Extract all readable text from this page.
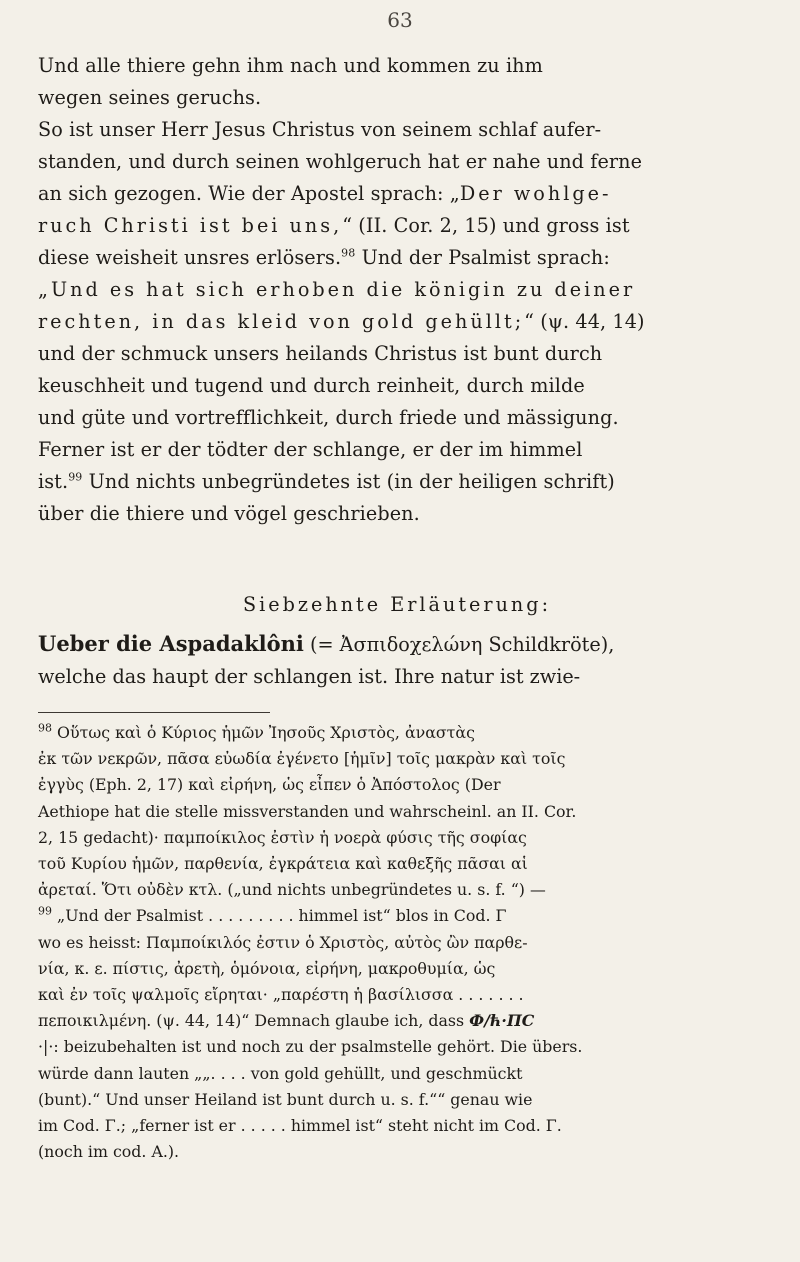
63

Und alle thiere gehn ihm nach und kommen zu ihm

wegen seines geruchs.

So ist unser Herr Jesus Christus von seinem schlaf aufer-

standen, und durch seinen wohlgeruch hat er nahe und ferne

an sich gezogen. Wie der Apostel sprach: „Der wohlge-

ruch Christi ist bei uns,“ (II. Cor. 2, 15) und gross ist

diese weisheit unsres erlösers.$^{98}$ Und der Psalmist sprach:

„Und es hat sich erhoben die königin zu deiner

rechten, in das kleid von gold gehüllt;“ (ψ. 44, 14)

und der schmuck unsers heilands Christus ist bunt durch

keuschheit und tugend und durch reinheit, durch milde

und güte und vortrefflichkeit, durch friede und mässigung.

Ferner ist er der tödter der schlange, er der im himmel

ist.$^{99}$ Und nichts unbegründetes ist (in der heiligen schrift)

über die thiere und vögel geschrieben.

Siebzehnte Erläuterung:
Ueber die Aspadaklôni (= Ἀσπιδοχελώνη Schildkröte),
welche das haupt der schlangen ist. Ihre natur ist zwie-

$^{98}$ Οὕτως καὶ ὁ Κύριος ἡμῶν Ἰησοῦς Χριστὸς, ἀναστὰς

ἐκ τῶν νεκρῶν, πᾶσα εὐωδία ἐγένετο [ἡμῖν] τοῖς μακρὰν καὶ τοῖς

ἐγγὺς (Eph. 2, 17) καὶ εἰρήνη, ὡς εἶπεν ὁ Ἀπόστολος (Der

Aethiope hat die stelle missverstanden und wahrscheinl. an II. Cor.

2, 15 gedacht)· παμποίκιλος ἐστὶν ἡ νοερὰ φύσις τῆς σοφίας

τοῦ Κυρίου ἡμῶν, παρθενία, ἐγκράτεια καὶ καθεξῆς πᾶσαι αἱ

ἀρεταί. Ὅτι οὐδὲν κτλ. („und nichts unbegründetes u. s. f. “) —

$^{99}$ „Und der Psalmist . . . . . . . . . himmel ist“ blos in Cod. Γ

wo es heisst: Παμποίκιλός ἐστιν ὁ Χριστὸς, αὐτὸς ὢν παρθε-

νία, κ. ε. πίστις, ἀρετὴ, ὁμόνοια, εἰρήνη, μακροθυμία, ὡς

καὶ ἐν τοῖς ψαλμοῖς εἴρηται· „παρέστη ἡ βασίλισσα . . . . . . .

πεποικιλμένη. (ψ. 44, 14)“ Demnach glaube ich, dass Ф/ћ·ПС

·|·: beizubehalten ist und noch zu der psalmstelle gehört. Die übers.

würde dann lauten „„. . . . von gold gehüllt, und geschmückt

(bunt).“ Und unser Heiland ist bunt durch u. s. f.““ genau wie

im Cod. Γ.; „ferner ist er . . . . . himmel ist“ steht nicht im Cod. Γ.

(noch im cod. A.).
